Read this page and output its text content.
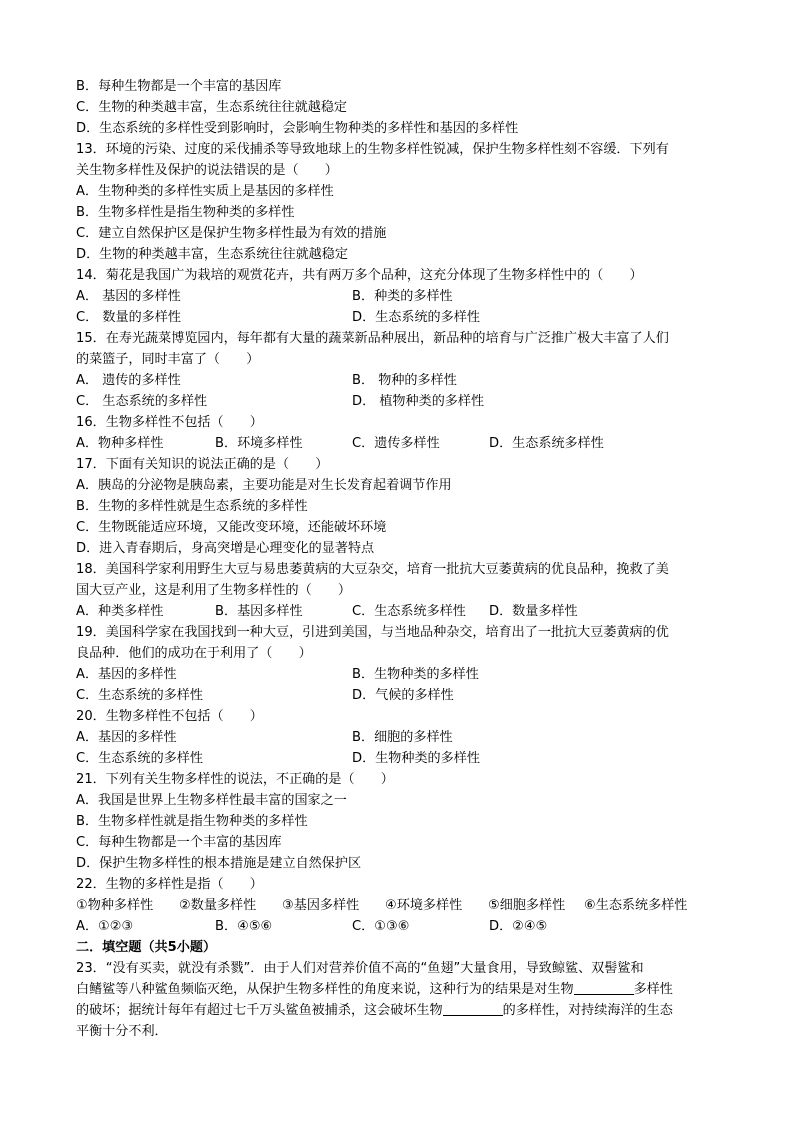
B．每种生物都是一个丰富的基因库
C．生物的种类越丰富，生态系统往往就越稳定
D．生态系统的多样性受到影响时，会影响生物种类的多样性和基因的多样性
13．环境的污染、过度的采伐捕杀等导致地球上的生物多样性锐减，保护生物多样性刻不容缓．下列有
关生物多样性及保护的说法错误的是（　　）
A．生物种类的多样性实质上是基因的多样性
B．生物多样性是指生物种类的多样性
C．建立自然保护区是保护生物多样性最为有效的措施
D．生物的种类越丰富，生态系统往往就越稳定
14．菊花是我国广为栽培的观赏花卉，共有两万多个品种，这充分体现了生物多样性中的（　　）
A． 基因的多样性	B．种类的多样性
C． 数量的多样性	D．生态系统的多样性
15．在寿光蔬菜博览园内，每年都有大量的蔬菜新品种展出，新品种的培育与广泛推广极大丰富了人们
的菜篮子，同时丰富了（　　）
A． 遗传的多样性	B． 物种的多样性
C． 生态系统的多样性	D． 植物种类的多样性
16．生物多样性不包括（　　）
A．物种多样性	B．环境多样性	C．遗传多样性	D．生态系统多样性
17．下面有关知识的说法正确的是（　　）
A．胰岛的分泌物是胰岛素，主要功能是对生长发育起着调节作用
B．生物的多样性就是生态系统的多样性
C．生物既能适应环境，又能改变环境，还能破坏环境
D．进入青春期后，身高突增是心理变化的显著特点
18．美国科学家利用野生大豆与易患萎黄病的大豆杂交，培育一批抗大豆萎黄病的优良品种，挽救了美
国大豆产业，这是利用了生物多样性的（　　）
A．种类多样性	B．基因多样性	C．生态系统多样性 D．数量多样性
19．美国科学家在我国找到一种大豆，引进到美国，与当地品种杂交，培育出了一批抗大豆萎黄病的优
良品种．他们的成功在于利用了（　　）
A．基因的多样性	B．生物种类的多样性
C．生态系统的多样性	D．气候的多样性
20．生物多样性不包括（　　）
A．基因的多样性	B．细胞的多样性
C．生态系统的多样性	D．生物种类的多样性
21．下列有关生物多样性的说法，不正确的是（　　）
A．我国是世界上生物多样性最丰富的国家之一
B．生物多样性就是指生物种类的多样性
C．每种生物都是一个丰富的基因库
D．保护生物多样性的根本措施是建立自然保护区
22．生物的多样性是指（　　）
①物种多样性 ②数量多样性 ③基因多样性 ④环境多样性 ⑤细胞多样性 ⑥生态系统多样性
A．①②③	B．④⑤⑥	C．①③⑥	D．②④⑤
二．填空题（共5小题）
23．“没有买卖，就没有杀戮”．由于人们对营养价值不高的“鱼翅”大量食用，导致鲸鲨、双髻鲨和
白鳍鲨等八种鲨鱼频临灭绝，从保护生物多样性的角度来说，这种行为的结果是对生物	多样性
的破坏；据统计每年有超过七千万头鲨鱼被捕杀，这会破坏生物	的多样性，对持续海洋的生态
平衡十分不利．
